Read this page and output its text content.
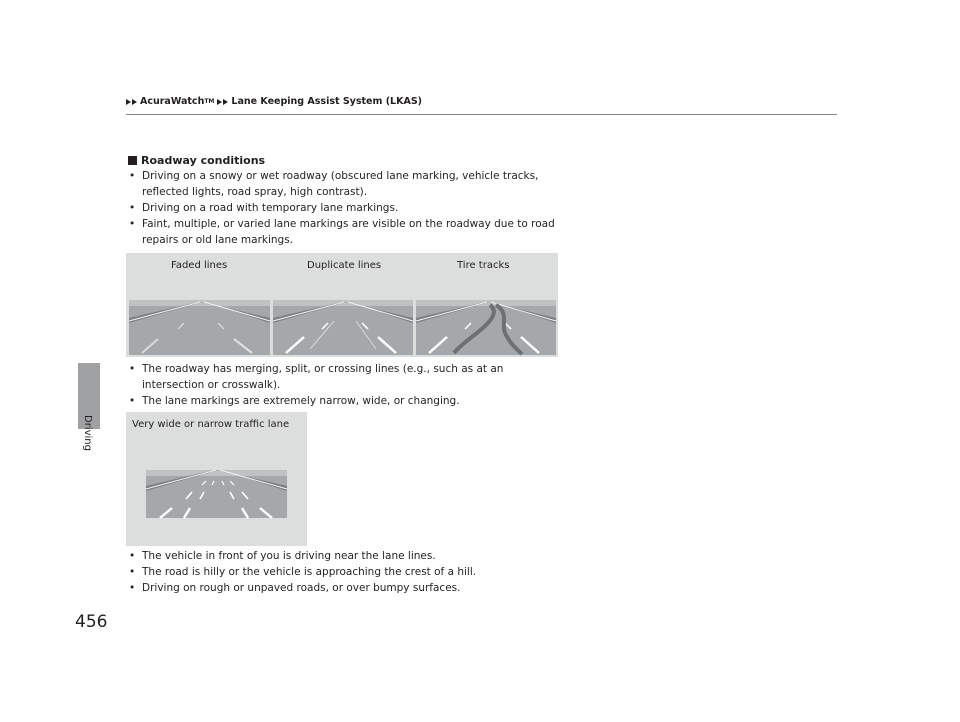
AcuraWatch TM Lane Keeping Assist System (LKAS)
Driving
456
Roadway conditions
• Driving on a snowy or wet roadway (obscured lane marking, vehicle tracks, reflected lights, road spray, high contrast).
• Driving on a road with temporary lane markings.
• Faint, multiple, or varied lane markings are visible on the roadway due to road repairs or old lane markings.
Faded lines	Duplicate lines	Tire tracks
• The roadway has merging, split, or crossing lines (e.g., such as at an intersection or crosswalk).
• The lane markings are extremely narrow, wide, or changing.
Very wide or narrow traffic lane
• The vehicle in front of you is driving near the lane lines.
• The road is hilly or the vehicle is approaching the crest of a hill.
• Driving on rough or unpaved roads, or over bumpy surfaces.
